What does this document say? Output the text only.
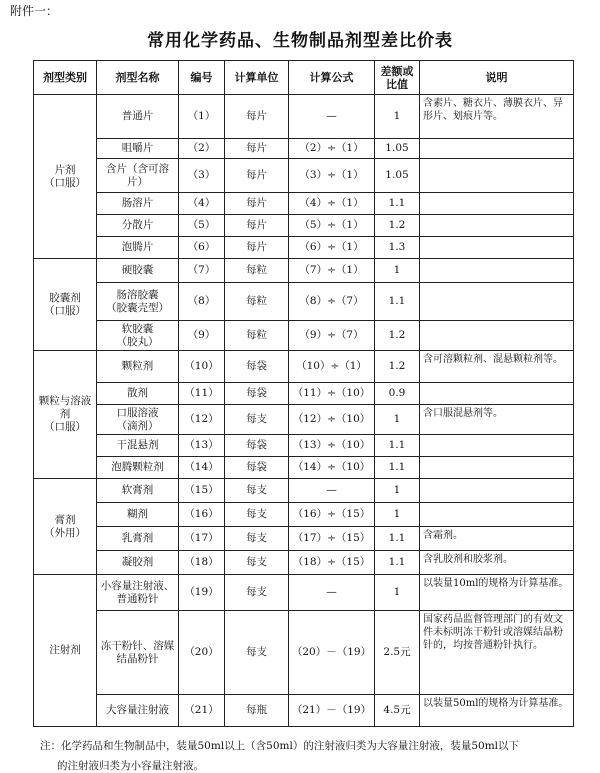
附件一：
常用化学药品、生物制品剂型差比价表
剂型类别	剂型名称	编号	计算单位	计算公式	差额或比值	说明
片剂
（口服）	普通片	（1）	每片	—	1	含素片、糖衣片、薄膜衣片、异形片、划痕片等。
	咀嚼片	（2）	每片	（2）÷（1）	1.05	
	含片（含可溶片）	（3）	每片	（3）÷（1）	1.05	
	肠溶片	（4）	每片	（4）÷（1）	1.1	
	分散片	（5）	每片	（5）÷（1）	1.2	
	泡腾片	（6）	每片	（6）÷（1）	1.3	
胶囊剂
（口服）	硬胶囊	（7）	每粒	（7）÷（1）	1	
	肠溶胶囊
（胶囊壳型）	（8）	每粒	（8）÷（7）	1.1	
	软胶囊
（胶丸）	（9）	每粒	（9）÷（7）	1.2	
颗粒与溶液剂
（口服）	颗粒剂	（10）	每袋	（10）÷（1）	1.2	含可溶颗粒剂、混悬颗粒剂等。
	散剂	（11）	每袋	（11）÷（10）	0.9	
	口服溶液
（滴剂）	（12）	每支	（12）÷（10）	1	含口服混悬剂等。
	干混悬剂	（13）	每袋	（13）÷（10）	1.1	
	泡腾颗粒剂	（14）	每袋	（14）÷（10）	1.1	
膏剂
（外用）	软膏剂	（15）	每支	—	1	
	糊剂	（16）	每支	（16）÷（15）	1	
	乳膏剂	（17）	每支	（17）÷（15）	1.1	含霜剂。
	凝胶剂	（18）	每支	（18）÷（15）	1.1	含乳胶剂和胶浆剂。
注射剂	小容量注射液、普通粉针	（19）	每支	—	1	以装量10ml的规格为计算基准。
	冻干粉针、溶媒结晶粉针	（20）	每支	（20）－（19）	2.5元	国家药品监督管理部门的有效文件未标明冻干粉针或溶媒结晶粉针的，均按普通粉针执行。
	大容量注射液	（21）	每瓶	（21）－（19）	4.5元	以装量50ml的规格为计算基准。
注：化学药品和生物制品中，装量50ml以上（含50ml）的注射液归类为大容量注射液，装量50ml以下
的注射液归类为小容量注射液。
